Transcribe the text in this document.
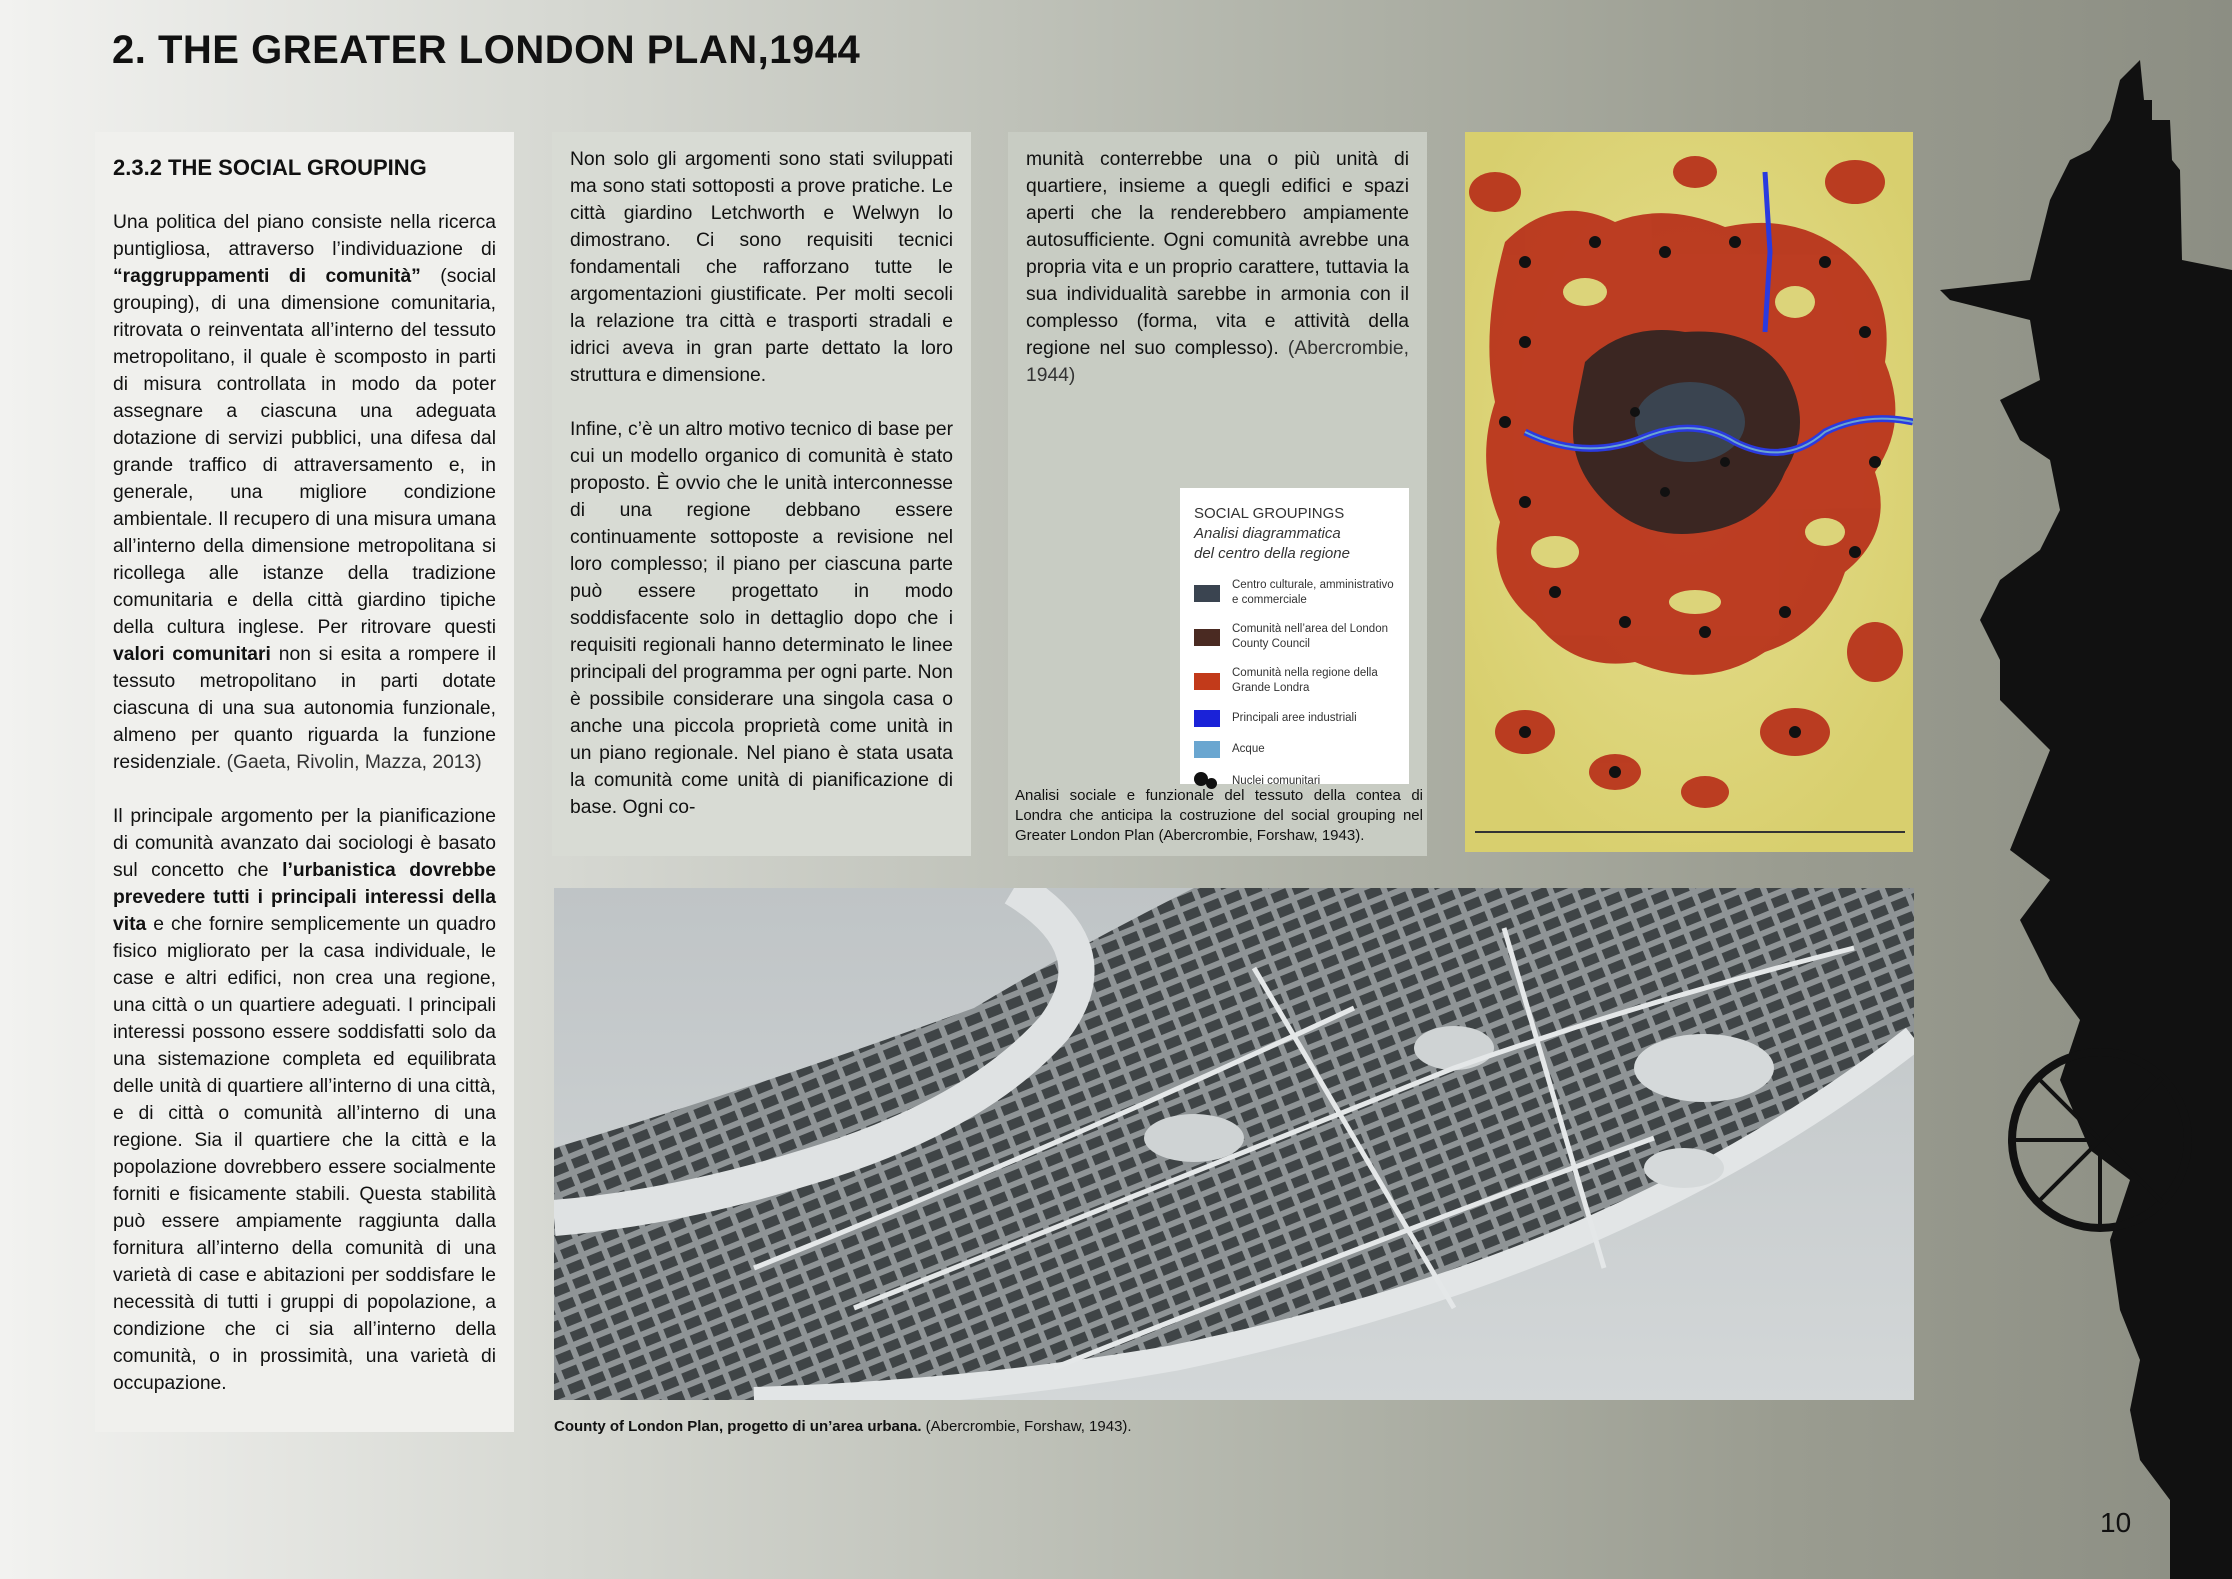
2. THE GREATER LONDON PLAN,1944
2.3.2 THE SOCIAL GROUPING

Una politica del piano consiste nella ricerca puntigliosa, attraverso l’individuazione di “raggruppamenti di comunità” (social grouping), di una dimensione comunitaria, ritrovata o reinventata all’interno del tessuto metropolitano, il quale è scomposto in parti di misura controllata in modo da poter assegnare a ciascuna una adeguata dotazione di servizi pubblici, una difesa dal grande traffico di attraversamento e, in generale, una migliore condizione ambientale. Il recupero di una misura umana all’interno della dimensione metropolitana si ricollega alle istanze della tradizione comunitaria e della città giardino tipiche della cultura inglese. Per ritrovare questi valori comunitari non si esita a rompere il tessuto metropolitano in parti dotate ciascuna di una sua autonomia funzionale, almeno per quanto riguarda la funzione residenziale. (Gaeta, Rivolin, Mazza, 2013)

Il principale argomento per la pianificazione di comunità avanzato dai sociologi è basato sul concetto che l’urbanistica dovrebbe prevedere tutti i principali interessi della vita e che fornire semplicemente un quadro fisico migliorato per la casa individuale, le case e altri edifici, non crea una regione, una città o un quartiere adeguati. I principali interessi possono essere soddisfatti solo da una sistemazione completa ed equilibrata delle unità di quartiere all’interno di una città, e di città o comunità all’interno di una regione. Sia il quartiere che la città e la popolazione dovrebbero essere socialmente forniti e fisicamente stabili. Questa stabilità può essere ampiamente raggiunta dalla fornitura all’interno della comunità di una varietà di case e abitazioni per soddisfare le necessità di tutti i gruppi di popolazione, a condizione che ci sia all’interno della comunità, o in prossimità, una varietà di occupazione.

Non solo gli argomenti sono stati sviluppati ma sono stati sottoposti a prove pratiche. Le città giardino Letchworth e Welwyn lo dimostrano. Ci sono requisiti tecnici fondamentali che rafforzano tutte le argomentazioni giustificate. Per molti secoli la relazione tra città e trasporti stradali e idrici aveva in gran parte dettato la loro struttura e dimensione.

Infine, c’è un altro motivo tecnico di base per cui un modello organico di comunità è stato proposto. È ovvio che le unità interconnesse di una regione debbano essere continuamente sottoposte a revisione nel loro complesso; il piano per ciascuna parte può essere progettato in modo soddisfacente solo in dettaglio dopo che i requisiti regionali hanno determinato le linee principali del programma per ogni parte. Non è possibile considerare una singola casa o anche una piccola proprietà come unità in un piano regionale. Nel piano è stata usata la comunità come unità di pianificazione di base. Ogni co-

munità conterrebbe una o più unità di quartiere, insieme a quegli edifici e spazi aperti che la renderebbero ampiamente autosufficiente. Ogni comunità avrebbe una propria vita e un proprio carattere, tuttavia la sua individualità sarebbe in armonia con il complesso (forma, vita e attività della regione nel suo complesso). (Abercrombie, 1944)

SOCIAL GROUPINGS
Analisi diagrammatica
del centro della regione
Centro culturale, amministrativo e commerciale
Comunità nell’area del London County Council
Comunità nella regione della Grande Londra
Principali aree industriali
Acque
Nuclei comunitari
Analisi sociale e funzionale del tessuto della contea di Londra che anticipa la costruzione del social grouping nel Greater London Plan (Abercrombie, Forshaw, 1943).
County of London Plan, progetto di un’area urbana. (Abercrombie, Forshaw, 1943).
10
